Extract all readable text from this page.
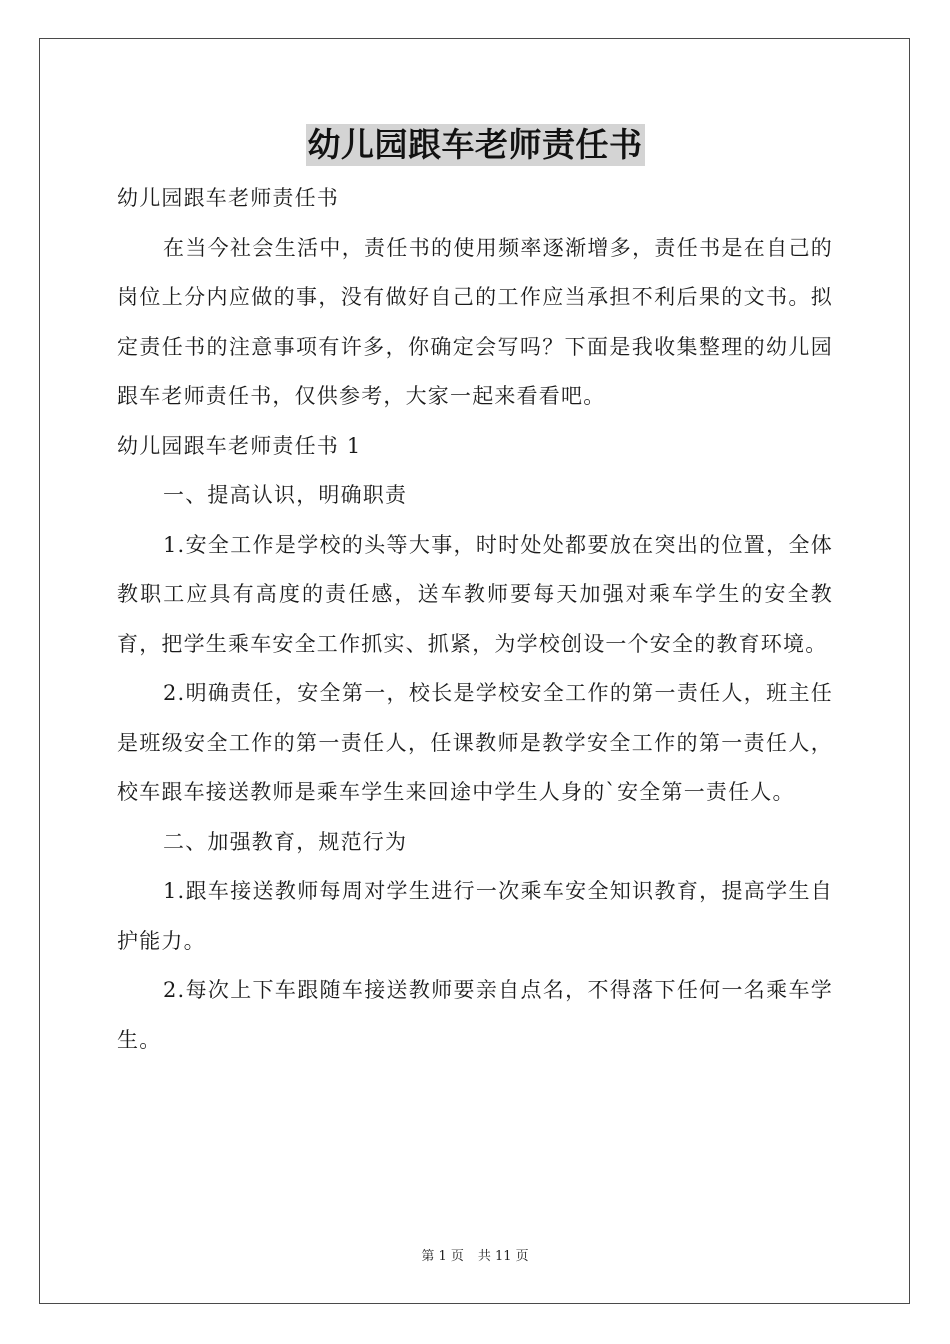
幼儿园跟车老师责任书

幼儿园跟车老师责任书

在当今社会生活中，责任书的使用频率逐渐增多，责任书是在自己的岗位上分内应做的事，没有做好自己的工作应当承担不利后果的文书。拟定责任书的注意事项有许多，你确定会写吗？下面是我收集整理的幼儿园跟车老师责任书，仅供参考，大家一起来看看吧。

幼儿园跟车老师责任书 1

一、提高认识，明确职责

1.安全工作是学校的头等大事，时时处处都要放在突出的位置，全体教职工应具有高度的责任感，送车教师要每天加强对乘车学生的安全教育，把学生乘车安全工作抓实、抓紧，为学校创设一个安全的教育环境。

2.明确责任，安全第一，校长是学校安全工作的第一责任人，班主任是班级安全工作的第一责任人，任课教师是教学安全工作的第一责任人，校车跟车接送教师是乘车学生来回途中学生人身的`安全第一责任人。

二、加强教育，规范行为

1.跟车接送教师每周对学生进行一次乘车安全知识教育，提高学生自护能力。

2.每次上下车跟随车接送教师要亲自点名，不得落下任何一名乘车学生。

第 1 页 共 11 页
